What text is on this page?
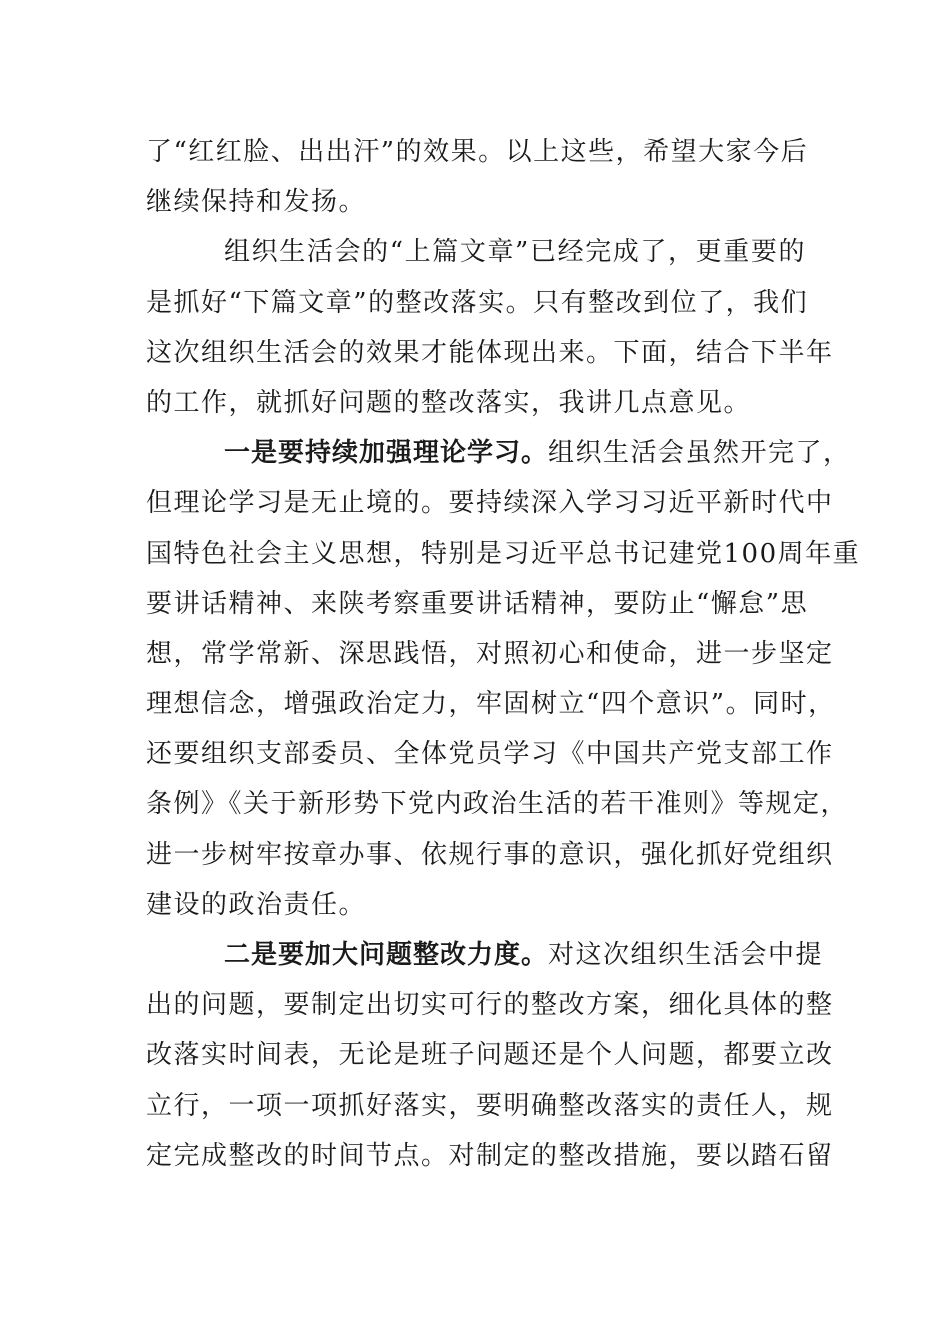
了“红红脸、出出汗”的效果。以上这些，希望大家今后
继续保持和发扬。
组织生活会的“上篇文章”已经完成了，更重要的
是抓好“下篇文章”的整改落实。只有整改到位了，我们
这次组织生活会的效果才能体现出来。下面，结合下半年
的工作，就抓好问题的整改落实，我讲几点意见。
一是要持续加强理论学习。组织生活会虽然开完了，
但理论学习是无止境的。要持续深入学习习近平新时代中
国特色社会主义思想，特别是习近平总书记建党100周年重
要讲话精神、来陕考察重要讲话精神，要防止“懈怠”思
想，常学常新、深思践悟，对照初心和使命，进一步坚定
理想信念，增强政治定力，牢固树立“四个意识”。同时，
还要组织支部委员、全体党员学习《中国共产党支部工作
条例》《关于新形势下党内政治生活的若干准则》等规定，
进一步树牢按章办事、依规行事的意识，强化抓好党组织
建设的政治责任。
二是要加大问题整改力度。对这次组织生活会中提
出的问题，要制定出切实可行的整改方案，细化具体的整
改落实时间表，无论是班子问题还是个人问题，都要立改
立行，一项一项抓好落实，要明确整改落实的责任人，规
定完成整改的时间节点。对制定的整改措施，要以踏石留
